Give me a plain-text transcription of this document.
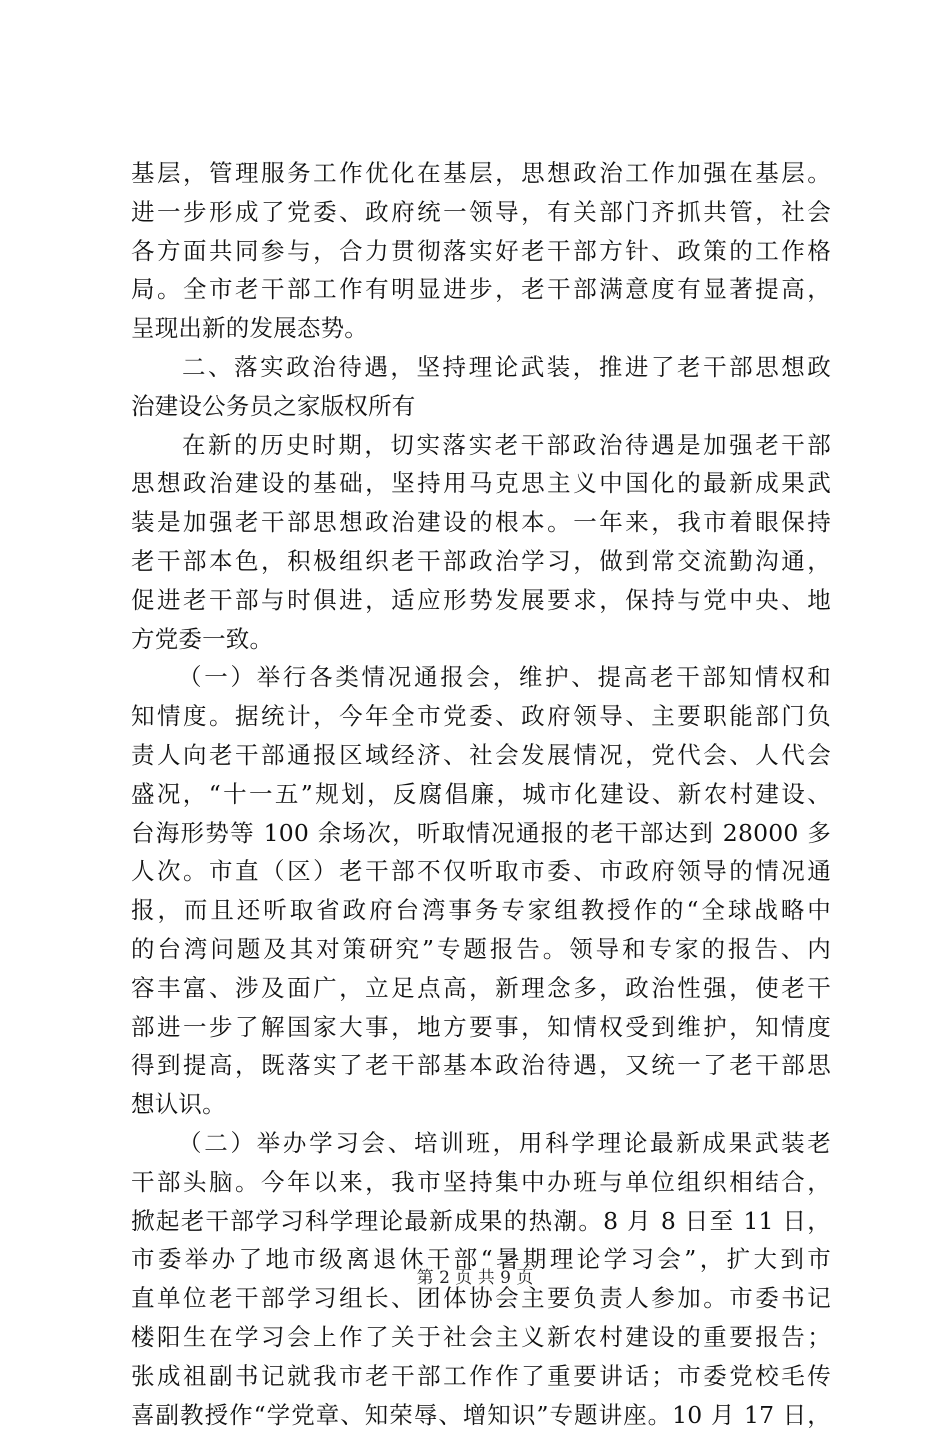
基层，管理服务工作优化在基层，思想政治工作加强在基层。
进一步形成了党委、政府统一领导，有关部门齐抓共管，社会
各方面共同参与，合力贯彻落实好老干部方针、政策的工作格
局。全市老干部工作有明显进步，老干部满意度有显著提高，
呈现出新的发展态势。
二、落实政治待遇，坚持理论武装，推进了老干部思想政
治建设公务员之家版权所有
在新的历史时期，切实落实老干部政治待遇是加强老干部
思想政治建设的基础，坚持用马克思主义中国化的最新成果武
装是加强老干部思想政治建设的根本。一年来，我市着眼保持
老干部本色，积极组织老干部政治学习，做到常交流勤沟通，
促进老干部与时俱进，适应形势发展要求，保持与党中央、地
方党委一致。
（一）举行各类情况通报会，维护、提高老干部知情权和
知情度。据统计，今年全市党委、政府领导、主要职能部门负
责人向老干部通报区域经济、社会发展情况，党代会、人代会
盛况，“十一五”规划，反腐倡廉，城市化建设、新农村建设、
台海形势等 100 余场次，听取情况通报的老干部达到 28000 多
人次。市直（区）老干部不仅听取市委、市政府领导的情况通
报，而且还听取省政府台湾事务专家组教授作的“全球战略中
的台湾问题及其对策研究”专题报告。领导和专家的报告、内
容丰富、涉及面广，立足点高，新理念多，政治性强，使老干
部进一步了解国家大事，地方要事，知情权受到维护，知情度
得到提高，既落实了老干部基本政治待遇，又统一了老干部思
想认识。
（二）举办学习会、培训班，用科学理论最新成果武装老
干部头脑。今年以来，我市坚持集中办班与单位组织相结合，
掀起老干部学习科学理论最新成果的热潮。8 月 8 日至 11 日，
市委举办了地市级离退休干部“暑期理论学习会”，扩大到市
直单位老干部学习组长、团体协会主要负责人参加。市委书记
楼阳生在学习会上作了关于社会主义新农村建设的重要报告；
张成祖副书记就我市老干部工作作了重要讲话；市委党校毛传
喜副教授作“学党章、知荣辱、增知识”专题讲座。10 月 17 日，
第 2 页 共 9 页
